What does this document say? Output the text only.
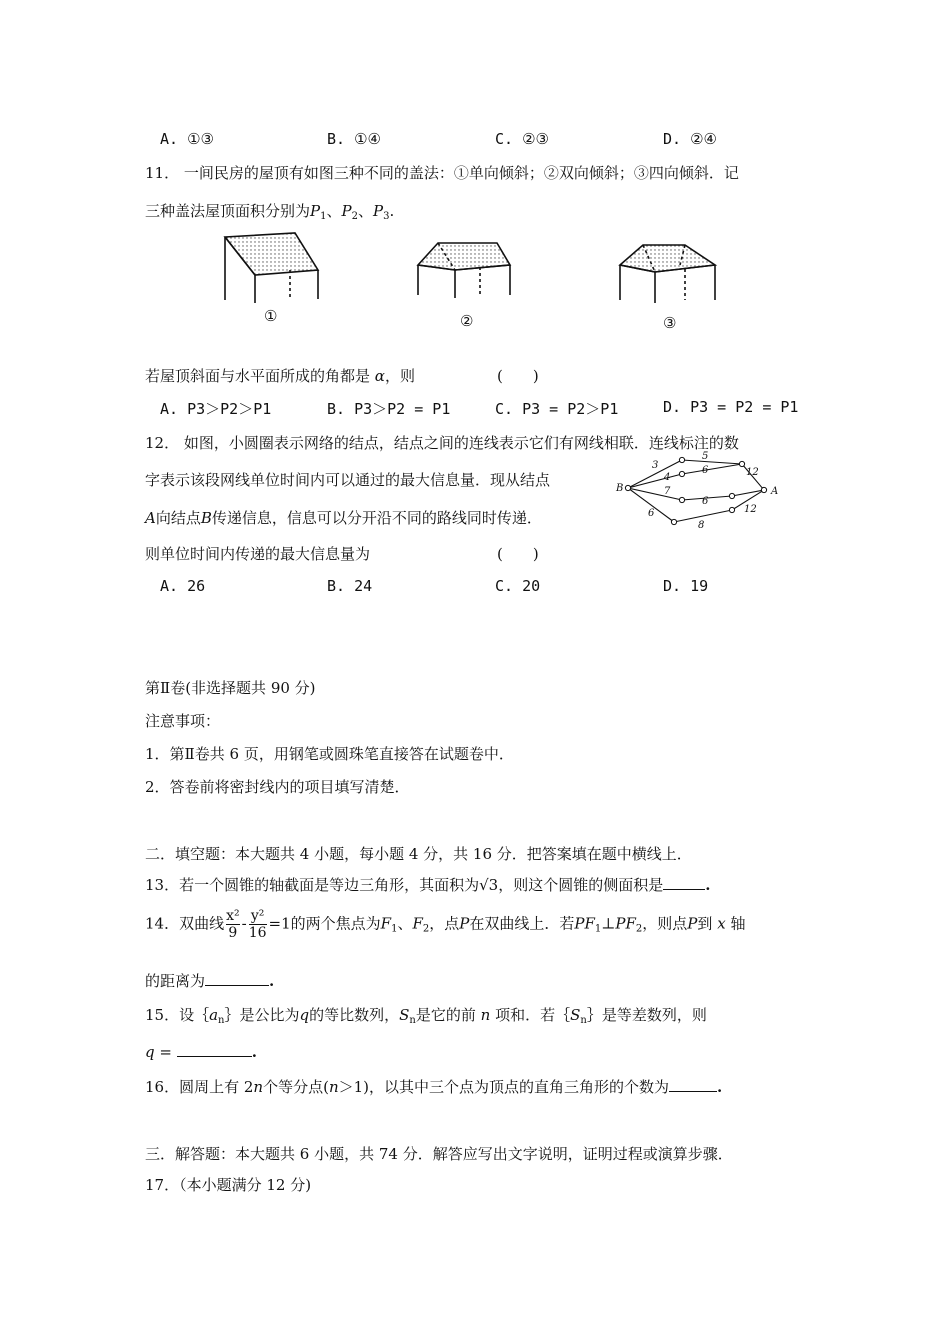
A. ①③	B. ①④	C. ②③	D. ②④
11． 一间民房的屋顶有如图三种不同的盖法：①单向倾斜；②双向倾斜；③四向倾斜．记
三种盖法屋顶面积分别为$P_1$、$P_2$、$P_3$.
①	②	③
若屋顶斜面与水平面所成的角都是 α，则	(　　)
A. P3＞P2＞P1	B. P3＞P2 = P1	C. P3 = P2＞P1	D. P3 = P2 = P1
12． 如图，小圆圈表示网络的结点，结点之间的连线表示它们有网线相联．连线标注的数
字表示该段网线单位时间内可以通过的最大信息量．现从结点
A向结点B传递信息，信息可以分开沿不同的路线同时传递．
则单位时间内传递的最大信息量为	(　　)
B	A
3
5
4
6	12
7
6
6
8
12
A. 26	B. 24	C. 20	D. 19
第Ⅱ卷(非选择题共 90 分)
注意事项：
1．第Ⅱ卷共 6 页，用钢笔或圆珠笔直接答在试题卷中．
2．答卷前将密封线内的项目填写清楚．
二．填空题：本大题共 4 小题，每小题 4 分，共 16 分．把答案填在题中横线上．
13．若一个圆锥的轴截面是等边三角形，其面积为√3，则这个圆锥的侧面积是	.
14．双曲线 $\frac{\text{x²}}{9} - \frac{\text{y²}}{16} =1$的两个焦点为$F_1$、$F_2$，点P在双曲线上．若$PF_1\perp PF_2$，则点P到 x 轴
的距离为	.
15．设$\{a_n\}$是公比为q的等比数列，$S_n$是它的前 n 项和．若$\{S_n\}$是等差数列，则
q =	.
16．圆周上有 2n个等分点(n＞1)，以其中三个点为顶点的直角三角形的个数为	.
三．解答题：本大题共 6 小题，共 74 分．解答应写出文字说明，证明过程或演算步骤．
17．（本小题满分 12 分)
